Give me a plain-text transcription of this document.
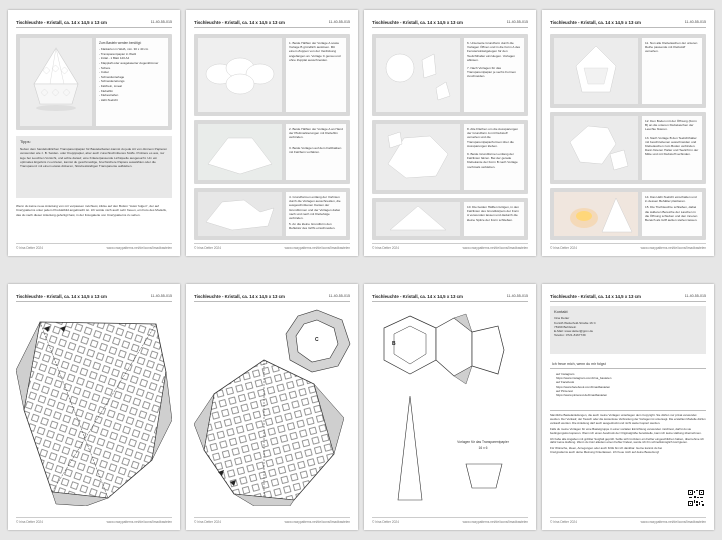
Tischleuchte - Kristall, ca. 14 x 14,5 x 13 cm	11-40-55-015
Zum Basteln werden benötigt:
- Klarkarton in Weiß, min. 30 x 40 cm
- Transparentpapier in Weiß
- Initial - 1 Blatt 120 A4
- Klapptaft oder ausgelaserter Augenklimmer
- Schere
- Cutter
- Schneidunterlage
- Schneidezeitungs
- Falzbein, Lineal
- Klebefilm
- Klebestreifen
- LED-Teelicht
Tipps:
Neben dem handelsüblichen Transparentpapier für Bastelarbeiten kannst du jede Art von dünnem Papieren verwenden wie z. B. Seiden- oder Krepppapier, aber auch zurechtschnittenes Stoffe. Probiere es aus, nur lege bei Leuchten Vorsicht, und achte darauf, eine Kräuterpassende Lichtquelle ausgesucht. Um ein optimales Ergebnis zu erzielen, kannst du geschmeidige, bruchsichere Papiere auswählen oder die Transparenz mit einem etwas dickeren, hitzebeständigen Transparente aufkleben.
Wenn du keine neue Anleitung von mir verpassen möchtest, klicke auf den Button "Autor folgen", der auf Crazypatterns unter jedem Produktbild angebracht ist. Ich würde mich auch sehr freuen, ein Foto des Modells, das du nach dieser Anleitung gefertigt hast, in der Fotogalerie von Crazypatterns zu sehen.
© Irina Detter 2024	www.crazypatterns.net/de/icons/limadbastelen
Tischleuchte - Kristall, ca. 14 x 14,5 x 13 cm	11-40-55-015
1. Beide Hälften der Vorlage A sowie Vorlage B gründlich auslösen. Mit einem Zuppen von der Verdickung angefangen an. Vorlage C genau und ohne Zupplat ausschneiden.
2. Beide Hälften der Vorlage A an Hand der Pfeilmarkierungen mit Klebefilm verbinden.
3. Beide Vorlagen auf dem Falzbalken mit Falzbein vorfalzen.
4. Grundformen entlang der Vorlinien durch die Vorlagen ausschneiden, die ausgeschnittenen Kanten der Grundformen und der Vorlagen dabei nach und nach mit Klebefolge verbinden.
5. An die kleine Grundform den Reflektor des Griffs einschneiden.
© Irina Detter 2024	www.crazypatterns.net/de/icons/limadbastelen
Tischleuchte - Kristall, ca. 14 x 14,5 x 13 cm	11-40-55-015
6. Unterseite Grundform durch die Vorlagen Öffnen und in die Form A des Fensterwinkelgelegen für den Teelichthalter einzulegen. Vorlagen ablösen.
7. Nach Vorlagen für das Transparentpapier je sechs Formen zuschneiden.
8. Alle Flächen um die Aussparungen der Grundform A mit Klebstoff versehen und die Transparentpapierformen über die Aussparungen kleben.
9. Beide Grundformen entlang der Falzlinien falzen. Bei der gerade Klebekante der Form B nach Vorlage nochmals verkleben.
10. Die beiden Hälften fertigen, in den Falzlinien des Grundkörpers der Form A verwenden lassen und dadurch die kleine Spitze der Form schließen.
© Irina Detter 2024	www.crazypatterns.net/de/icons/limadbastelen
Tischleuchte - Kristall, ca. 14 x 14,5 x 13 cm	11-40-55-015
11. Nun alle Klebelaschen der unteren Reihe passende mit Klebstoff versehen.
12. Den Boden mit der Öffnung (Form B) an die unteren Klebelaschen der Leuchte fixieren.
13. Nach Vorlage B den Teelichthalter mit beschriebenen ausschneiden und Klebelaschen zum Boden verbinden. Dann fixieren Halter und Teelicht in der Mitte und mit Klebstoff verbinden.
14. Das LED-Teelicht einschalten und in dessen Behälter platzieren.
15. Die Tischleuchte schließen, dabei die äußeren Bereiche der Laschen in die Öffnung schieben und den inneren Bereich als Griff außen stehen lassen.
© Irina Detter 2024	www.crazypatterns.net/de/icons/limadbastelen
Tischleuchte - Kristall, ca. 14 x 14,5 x 13 cm	11-40-55-015
© Irina Detter 2024	www.crazypatterns.net/de/icons/limadbastelen
Tischleuchte - Kristall, ca. 14 x 14,5 x 13 cm	11-40-55-015
C
© Irina Detter 2024	www.crazypatterns.net/de/icons/limadbastelen
Tischleuchte - Kristall, ca. 14 x 14,5 x 13 cm	11-40-55-015
B
Vorlagen für das Transparentpapier
16 x 6
© Irina Detter 2024	www.crazypatterns.net/de/icons/limadbastelen
Tischleuchte - Kristall, ca. 14 x 14,5 x 13 cm	11-40-55-015
Kontakt
Irina Detter
Kurtoff-Wetterfeld-Straße 16 C
78199 Behlstein
E-Mail: www.detter@gmx.de
Telefon: 0721-8167739
Ich freue mich, wenn du mir folgst
auf Instagram
https://www.instagram.com/irina_bastelen
auf Facebook
https://www.facebook.com/limadbastelen
auf Pinterest
https://www.pinterest.de/limadbastelen
Sämtliche Bastelanleitungen, die auch meine Vorlagen unterliegen dem Copyright. Sie dürfen nur privat verwendet werden. Der Verkauf, der Tausch oder die kostenlose Verbreitung der Vorlagen ist untersagt. Die erstellten Modelle dürfen verkauft werden. Die Anleitung darf auch ausgedruckt und nicht weiter kopiert werden.
Falls du meine Vorlagen für eine Bastelgruppe in einer sozialen Einrichtung verwenden möchtest, darfst du sie bedingungslos kopieren. Wenn ich einen Ausdruck der Originalgröße bereitstelle, kann ich keine Haftung übernehmen.
Ich habe alle Angaben mit größter Sorgfalt geprüft. Sollte sich trotzdem ein Fehler eingeschlichen haben, übernehme ich dafür keine Haftung. Wenn du trotz alledem einen Fehler findest, werde ich ihn schnellstmöglich korrigieren.
Für Wünsche, Ideen, Anregungen oder auch Kritik bin ich dankbar. Gerne kannst du bei Crazypatterns auch deine Meinung hinterlassen. Ich freue mich auf deine Bewertung!
© Irina Detter 2024	www.crazypatterns.net/de/icons/limadbastelen
